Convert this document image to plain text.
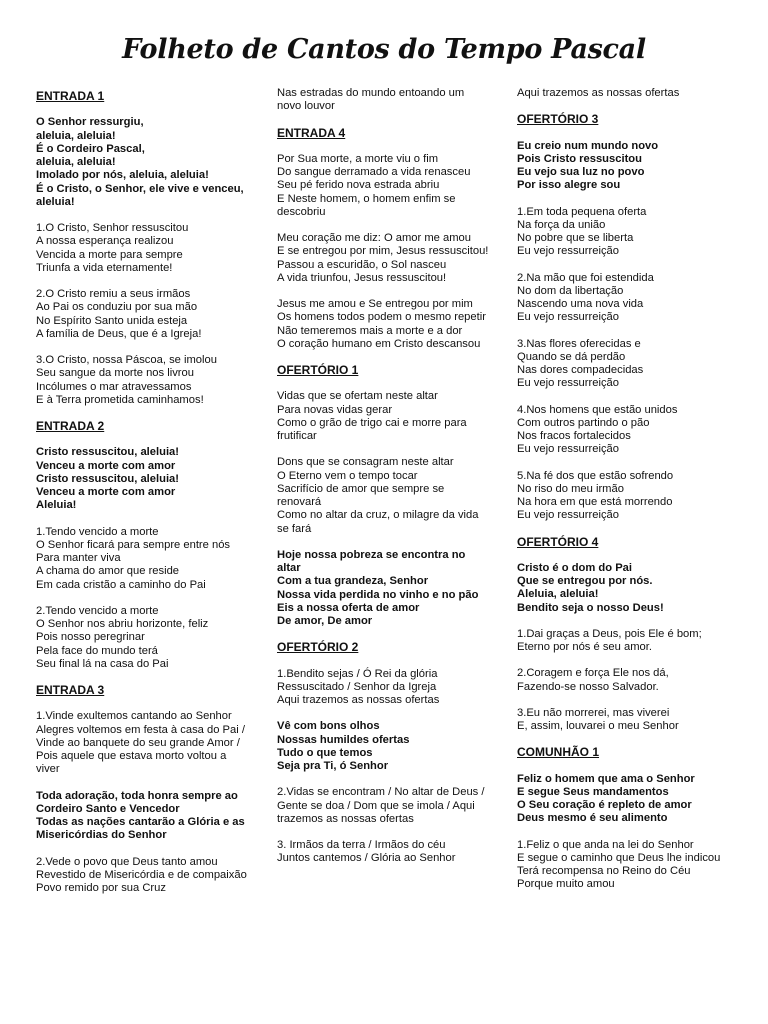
Folheto de Cantos do Tempo Pascal
ENTRADA 1
O Senhor ressurgiu,
aleluia, aleluia!
É o Cordeiro Pascal,
aleluia, aleluia!
Imolado por nós, aleluia, aleluia!
É o Cristo, o Senhor, ele vive e venceu, aleluia!
1.O Cristo, Senhor ressuscitou
A nossa esperança realizou
Vencida a morte para sempre
Triunfa a vida eternamente!
2.O Cristo remiu a seus irmãos
Ao Pai os conduziu por sua mão
No Espírito Santo unida esteja
A família de Deus, que é a Igreja!
3.O Cristo, nossa Páscoa, se imolou
Seu sangue da morte nos livrou
Incólumes o mar atravessamos
E à Terra prometida caminhamos!
ENTRADA 2
Cristo ressuscitou, aleluia!
Venceu a morte com amor
Cristo ressuscitou, aleluia!
Venceu a morte com amor
Aleluia!
1.Tendo vencido a morte
O Senhor ficará para sempre entre nós
Para manter viva
A chama do amor que reside
Em cada cristão a caminho do Pai
2.Tendo vencido a morte
O Senhor nos abriu horizonte, feliz
Pois nosso peregrinar
Pela face do mundo terá
Seu final lá na casa do Pai
ENTRADA 3
1.Vinde exultemos cantando ao Senhor
Alegres voltemos em festa à casa do Pai / Vinde ao banquete do seu grande Amor / Pois aquele que estava morto voltou a viver
Toda adoração, toda honra sempre ao Cordeiro Santo e Vencedor
Todas as nações cantarão a Glória e as Misericórdias do Senhor
2.Vede o povo que Deus tanto amou
Revestido de Misericórdia e de compaixão
Povo remido por sua Cruz
Nas estradas do mundo entoando um novo louvor
ENTRADA 4
Por Sua morte, a morte viu o fim
Do sangue derramado a vida renasceu
Seu pé ferido nova estrada abriu
E Neste homem, o homem enfim se descobriu
Meu coração me diz: O amor me amou
E se entregou por mim, Jesus ressuscitou!
Passou a escuridão, o Sol nasceu
A vida triunfou, Jesus ressuscitou!
Jesus me amou e Se entregou por mim
Os homens todos podem o mesmo repetir
Não temeremos mais a morte e a dor
O coração humano em Cristo descansou
OFERTÓRIO 1
Vidas que se ofertam neste altar
Para novas vidas gerar
Como o grão de trigo cai e morre para frutificar
Dons que se consagram neste altar
O Eterno vem o tempo tocar
Sacrifício de amor que sempre se renovará
Como no altar da cruz, o milagre da vida se fará
Hoje nossa pobreza se encontra no altar
Com a tua grandeza, Senhor
Nossa vida perdida no vinho e no pão
Eis a nossa oferta de amor
De amor, De amor
OFERTÓRIO 2
1.Bendito sejas / Ó Rei da glória
Ressuscitado / Senhor da Igreja
Aqui trazemos as nossas ofertas
Vê com bons olhos
Nossas humildes ofertas
Tudo o que temos
Seja pra Ti, ó Senhor
2.Vidas se encontram / No altar de Deus / Gente se doa / Dom que se imola / Aqui trazemos as nossas ofertas
3. Irmãos da terra / Irmãos do céu
Juntos cantemos / Glória ao Senhor
Aqui trazemos as nossas ofertas
OFERTÓRIO 3
Eu creio num mundo novo
Pois Cristo ressuscitou
Eu vejo sua luz no povo
Por isso alegre sou
1.Em toda pequena oferta
Na força da união
No pobre que se liberta
Eu vejo ressurreição
2.Na mão que foi estendida
No dom da libertação
Nascendo uma nova vida
Eu vejo ressurreição
3.Nas flores oferecidas e
Quando se dá perdão
Nas dores compadecidas
Eu vejo ressurreição
4.Nos homens que estão unidos
Com outros partindo o pão
Nos fracos fortalecidos
Eu vejo ressurreição
5.Na fé dos que estão sofrendo
No riso do meu irmão
Na hora em que está morrendo
Eu vejo ressurreição
OFERTÓRIO 4
Cristo é o dom do Pai
Que se entregou por nós.
Aleluia, aleluia!
Bendito seja o nosso Deus!
1.Dai graças a Deus, pois Ele é bom;
Eterno por nós é seu amor.
2.Coragem e força Ele nos dá,
Fazendo-se nosso Salvador.
3.Eu não morrerei, mas viverei
E, assim, louvarei o meu Senhor
COMUNHÃO 1
Feliz o homem que ama o Senhor
E segue Seus mandamentos
O Seu coração é repleto de amor
Deus mesmo é seu alimento
1.Feliz o que anda na lei do Senhor
E segue o caminho que Deus lhe indicou
Terá recompensa no Reino do Céu
Porque muito amou
